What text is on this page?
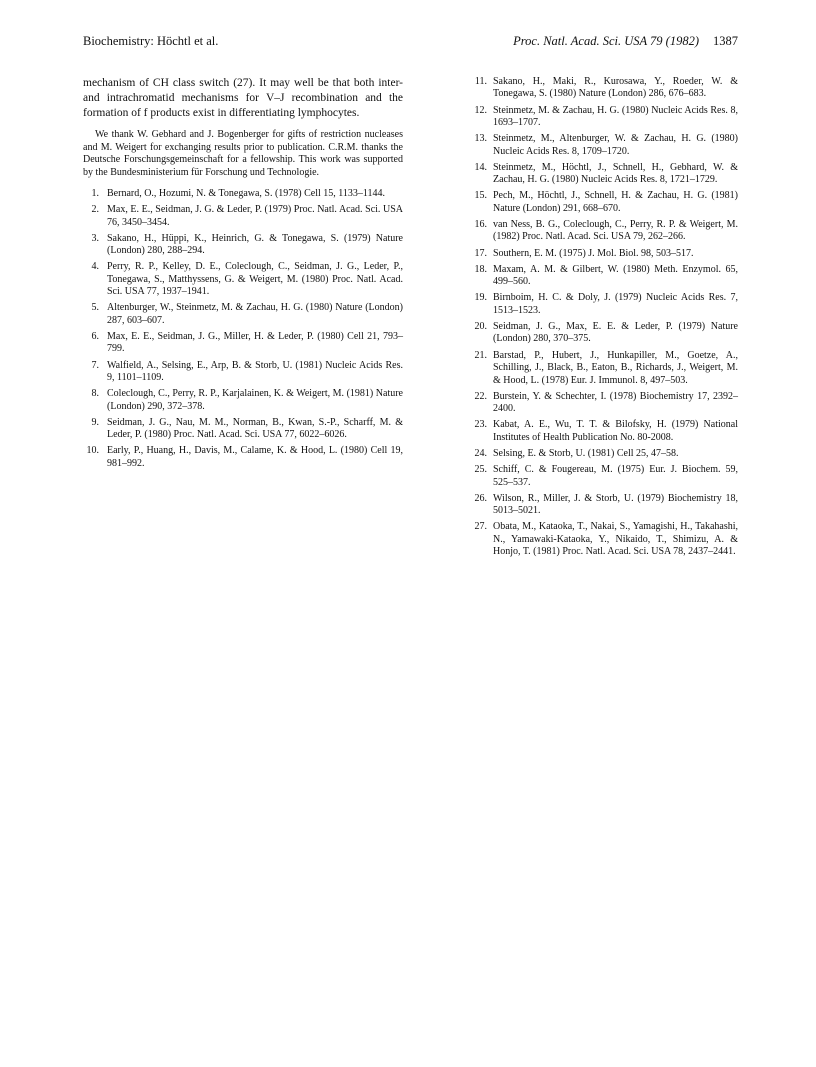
Biochemistry: Höchtl et al.	Proc. Natl. Acad. Sci. USA 79 (1982) 1387

mechanism of CH class switch (27). It may well be that both inter- and intrachromatid mechanisms for V–J recombination and the formation of f products exist in differentiating lymphocytes.

We thank W. Gebhard and J. Bogenberger for gifts of restriction nucleases and M. Weigert for exchanging results prior to publication. C.R.M. thanks the Deutsche Forschungsgemeinschaft for a fellowship. This work was supported by the Bundesministerium für Forschung und Technologie.

1. Bernard, O., Hozumi, N. & Tonegawa, S. (1978) Cell 15, 1133–1144.
2. Max, E. E., Seidman, J. G. & Leder, P. (1979) Proc. Natl. Acad. Sci. USA 76, 3450–3454.
3. Sakano, H., Hüppi, K., Heinrich, G. & Tonegawa, S. (1979) Nature (London) 280, 288–294.
4. Perry, R. P., Kelley, D. E., Coleclough, C., Seidman, J. G., Leder, P., Tonegawa, S., Matthyssens, G. & Weigert, M. (1980) Proc. Natl. Acad. Sci. USA 77, 1937–1941.
5. Altenburger, W., Steinmetz, M. & Zachau, H. G. (1980) Nature (London) 287, 603–607.
6. Max, E. E., Seidman, J. G., Miller, H. & Leder, P. (1980) Cell 21, 793–799.
7. Walfield, A., Selsing, E., Arp, B. & Storb, U. (1981) Nucleic Acids Res. 9, 1101–1109.
8. Coleclough, C., Perry, R. P., Karjalainen, K. & Weigert, M. (1981) Nature (London) 290, 372–378.
9. Seidman, J. G., Nau, M. M., Norman, B., Kwan, S.-P., Scharff, M. & Leder, P. (1980) Proc. Natl. Acad. Sci. USA 77, 6022–6026.
10. Early, P., Huang, H., Davis, M., Calame, K. & Hood, L. (1980) Cell 19, 981–992.
11. Sakano, H., Maki, R., Kurosawa, Y., Roeder, W. & Tonegawa, S. (1980) Nature (London) 286, 676–683.
12. Steinmetz, M. & Zachau, H. G. (1980) Nucleic Acids Res. 8, 1693–1707.
13. Steinmetz, M., Altenburger, W. & Zachau, H. G. (1980) Nucleic Acids Res. 8, 1709–1720.
14. Steinmetz, M., Höchtl, J., Schnell, H., Gebhard, W. & Zachau, H. G. (1980) Nucleic Acids Res. 8, 1721–1729.
15. Pech, M., Höchtl, J., Schnell, H. & Zachau, H. G. (1981) Nature (London) 291, 668–670.
16. van Ness, B. G., Coleclough, C., Perry, R. P. & Weigert, M. (1982) Proc. Natl. Acad. Sci. USA 79, 262–266.
17. Southern, E. M. (1975) J. Mol. Biol. 98, 503–517.
18. Maxam, A. M. & Gilbert, W. (1980) Meth. Enzymol. 65, 499–560.
19. Birnboim, H. C. & Doly, J. (1979) Nucleic Acids Res. 7, 1513–1523.
20. Seidman, J. G., Max, E. E. & Leder, P. (1979) Nature (London) 280, 370–375.
21. Barstad, P., Hubert, J., Hunkapiller, M., Goetze, A., Schilling, J., Black, B., Eaton, B., Richards, J., Weigert, M. & Hood, L. (1978) Eur. J. Immunol. 8, 497–503.
22. Burstein, Y. & Schechter, I. (1978) Biochemistry 17, 2392–2400.
23. Kabat, A. E., Wu, T. T. & Bilofsky, H. (1979) National Institutes of Health Publication No. 80-2008.
24. Selsing, E. & Storb, U. (1981) Cell 25, 47–58.
25. Schiff, C. & Fougereau, M. (1975) Eur. J. Biochem. 59, 525–537.
26. Wilson, R., Miller, J. & Storb, U. (1979) Biochemistry 18, 5013–5021.
27. Obata, M., Kataoka, T., Nakai, S., Yamagishi, H., Takahashi, N., Yamawaki-Kataoka, Y., Nikaido, T., Shimizu, A. & Honjo, T. (1981) Proc. Natl. Acad. Sci. USA 78, 2437–2441.
